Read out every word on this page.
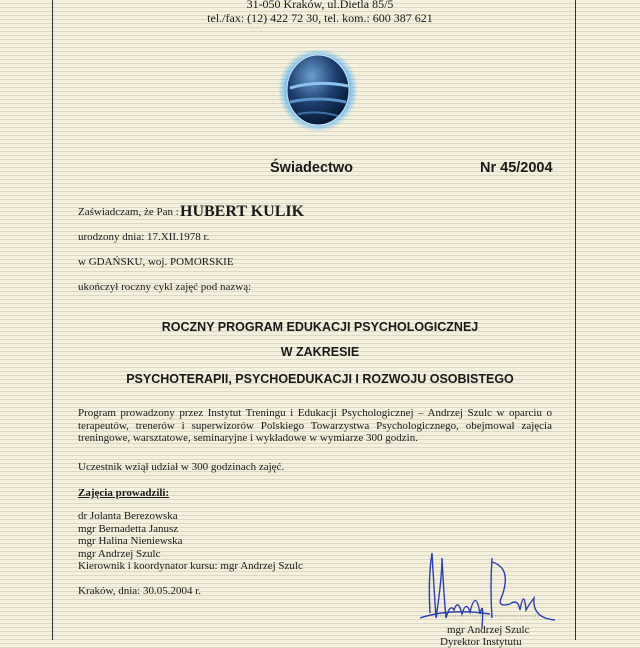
31-050 Kraków, ul.Dietla 85/5
tel./fax: (12) 422 72 30, tel. kom.: 600 387 621
Świadectwo	Nr 45/2004
Zaświadczam, że Pan : HUBERT KULIK
urodzony dnia: 17.XII.1978 r.
w GDAŃSKU, woj. POMORSKIE
ukończył roczny cykl zajęć pod nazwą:
ROCZNY PROGRAM EDUKACJI PSYCHOLOGICZNEJ
W ZAKRESIE
PSYCHOTERAPII, PSYCHOEDUKACJI I ROZWOJU OSOBISTEGO
Program prowadzony przez Instytut Treningu i Edukacji Psychologicznej – Andrzej Szulc w oparciu o terapeutów, trenerów i superwizorów Polskiego Towarzystwa Psychologicznego, obejmował zajęcia treningowe, warsztatowe, seminaryjne i wykładowe w wymiarze 300 godzin.
Uczestnik wziął udział w 300 godzinach zajęć.
Zajęcia prowadzili:
dr Jolanta Berezowska
mgr Bernadetta Janusz
mgr Halina Nieniewska
mgr Andrzej Szulc
Kierownik i koordynator kursu: mgr Andrzej Szulc
Kraków, dnia: 30.05.2004 r.
mgr Andrzej Szulc
Dyrektor Instytutu
